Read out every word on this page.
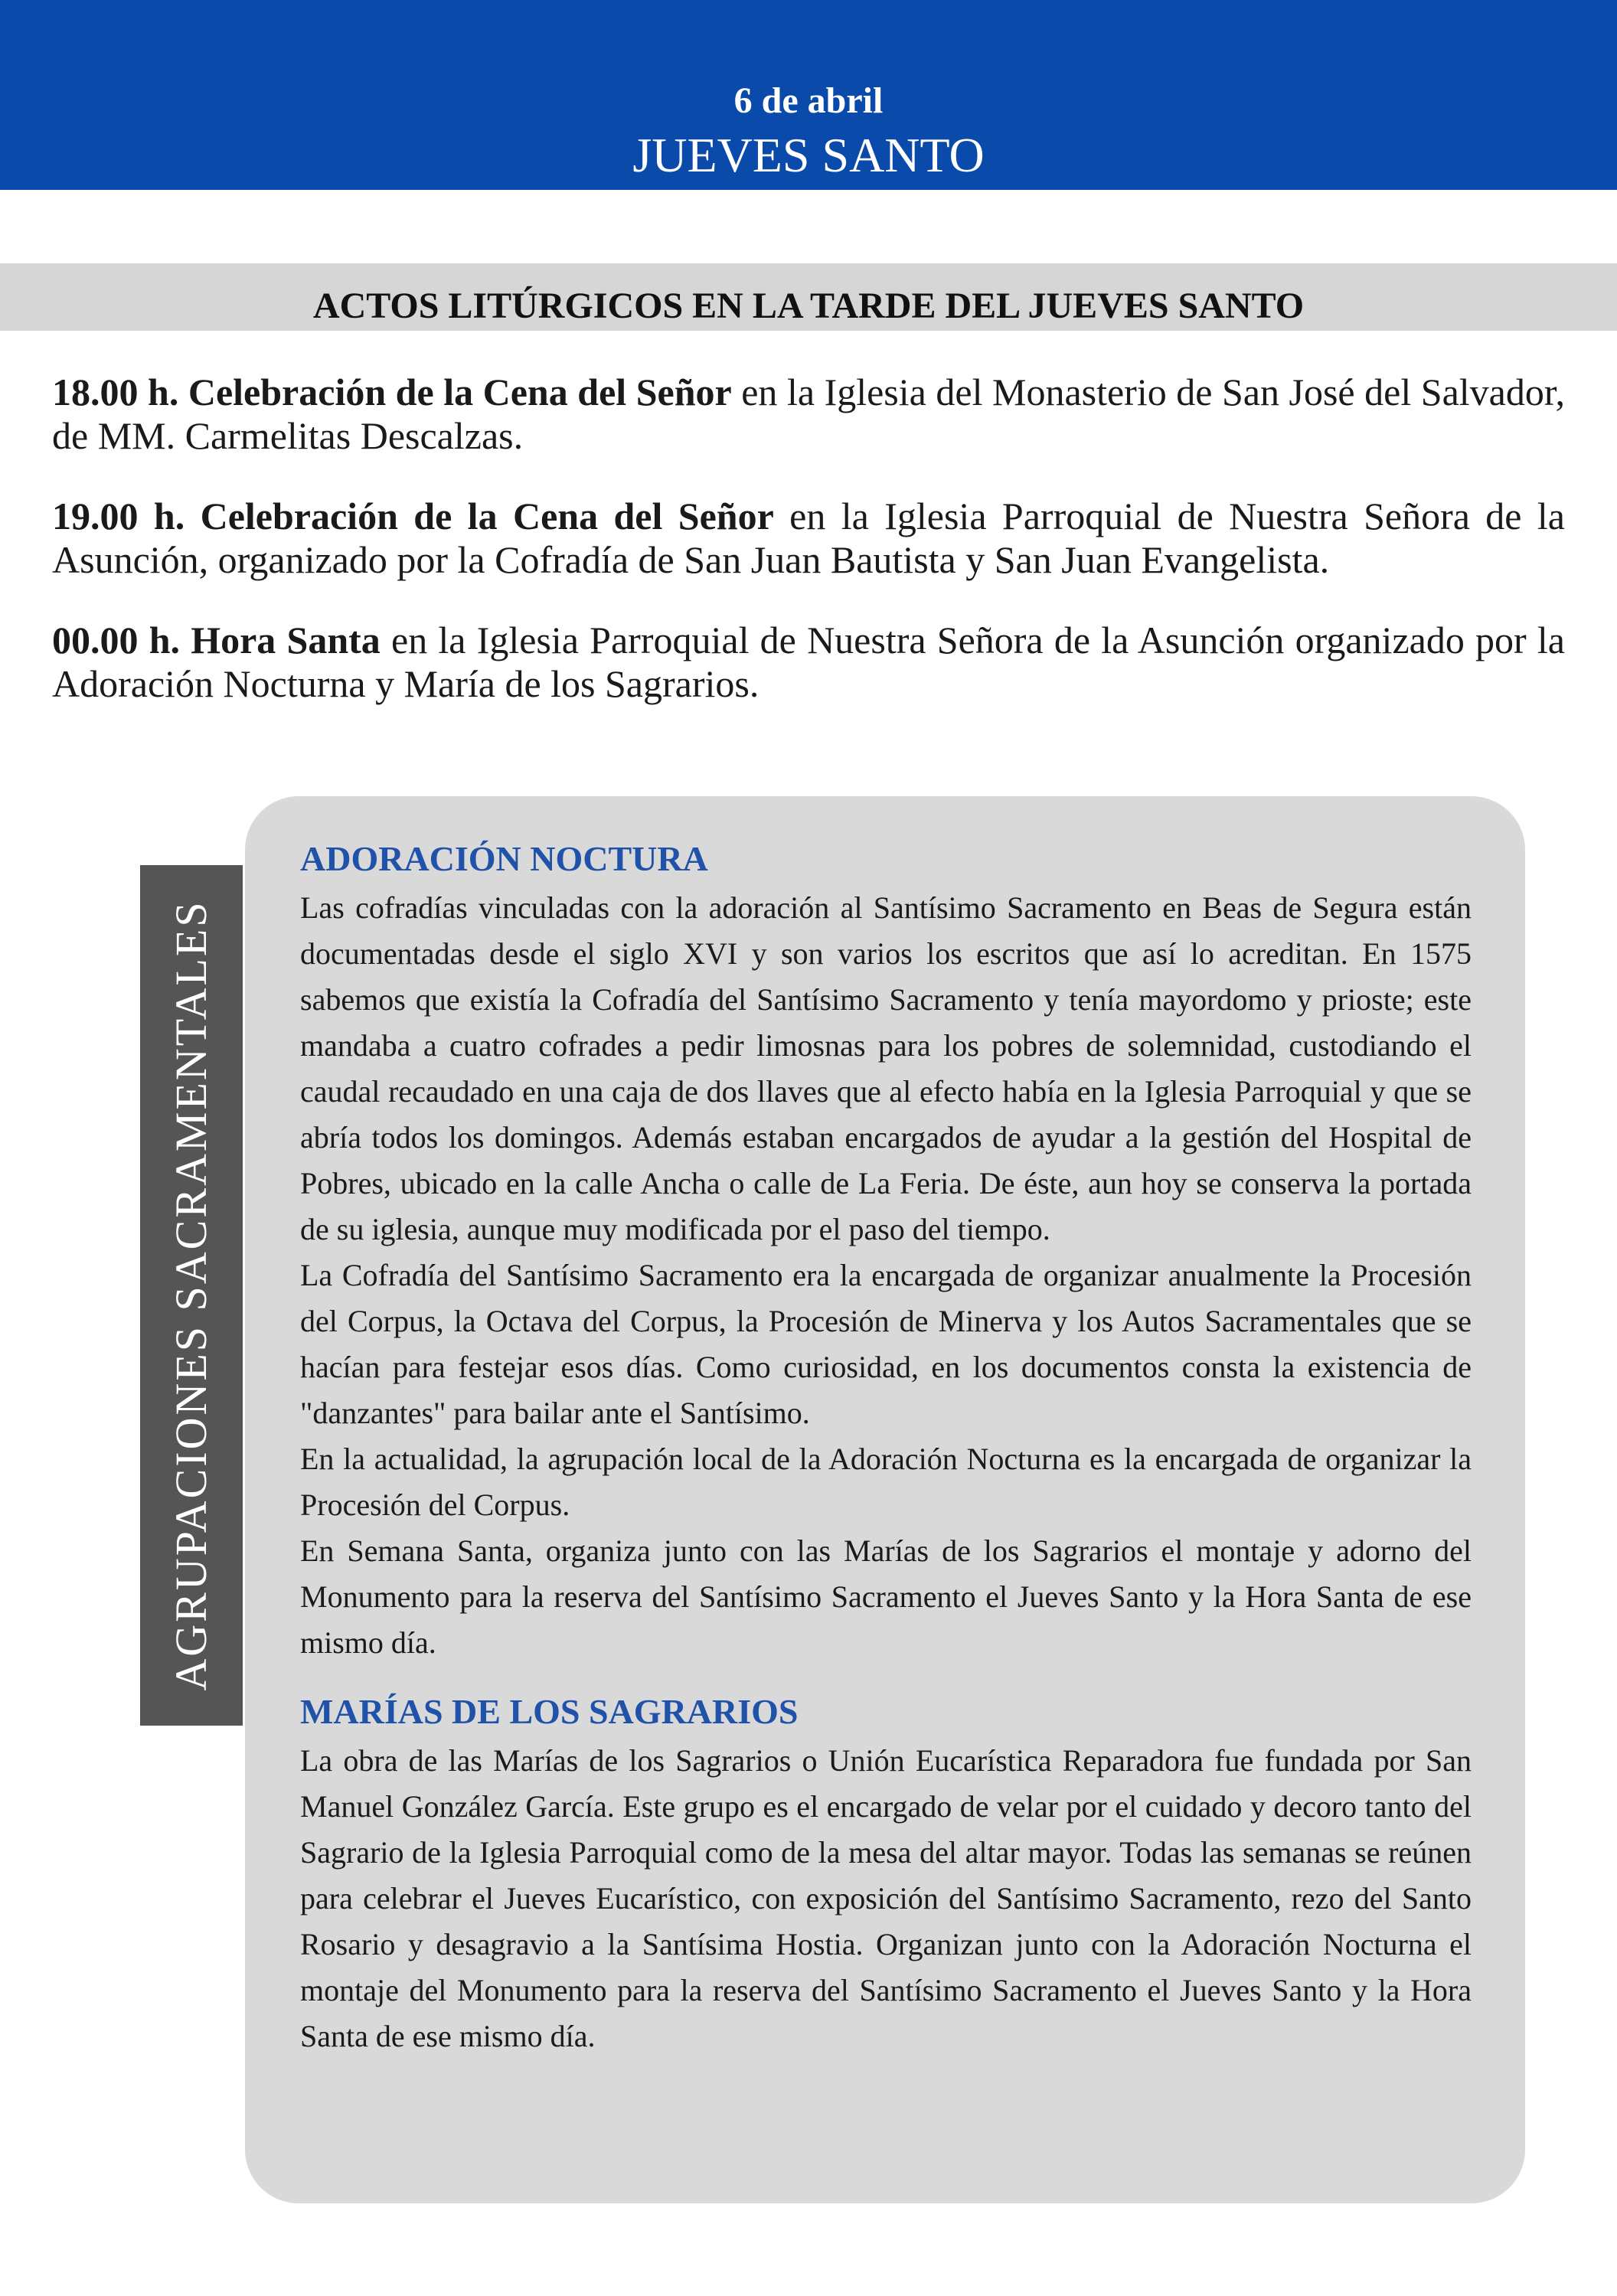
6 de abril
JUEVES SANTO
ACTOS LITÚRGICOS EN LA TARDE DEL JUEVES SANTO

18.00 h. Celebración de la Cena del Señor en la Iglesia del Monasterio de San José del Salvador, de MM. Carmelitas Descalzas.

19.00 h. Celebración de la Cena del Señor en la Iglesia Parroquial de Nuestra Señora de la Asunción, organizado por la Cofradía de San Juan Bautista y San Juan Evangelista.

00.00 h. Hora Santa en la Iglesia Parroquial de Nuestra Señora de la Asunción organizado por la Adoración Nocturna y María de los Sagrarios.

AGRUPACIONES SACRAMENTALES
ADORACIÓN NOCTURA

Las cofradías vinculadas con la adoración al Santísimo Sacramento en Beas de Segura están documentadas desde el siglo XVI y son varios los escritos que así lo acreditan. En 1575 sabemos que existía la Cofradía del Santísimo Sacramento y tenía mayordomo y prioste; este mandaba a cuatro cofrades a pedir limosnas para los pobres de solemnidad, custodiando el caudal recaudado en una caja de dos llaves que al efecto había en la Iglesia Parroquial y que se abría todos los domingos. Además estaban encargados de ayudar a la gestión del Hospital de Pobres, ubicado en la calle Ancha o calle de La Feria. De éste, aun hoy se conserva la portada de su iglesia, aunque muy modificada por el paso del tiempo.

La Cofradía del Santísimo Sacramento era la encargada de organizar anualmente la Procesión del Corpus, la Octava del Corpus, la Procesión de Minerva y los Autos Sacramentales que se hacían para festejar esos días. Como curiosidad, en los documentos consta la existencia de "danzantes" para bailar ante el Santísimo.

En la actualidad, la agrupación local de la Adoración Nocturna es la encargada de organizar la Procesión del Corpus.

En Semana Santa, organiza junto con las Marías de los Sagrarios el montaje y adorno del Monumento para la reserva del Santísimo Sacramento el Jueves Santo y la Hora Santa de ese mismo día.

MARÍAS DE LOS SAGRARIOS

La obra de las Marías de los Sagrarios o Unión Eucarística Reparadora fue fundada por San Manuel González García. Este grupo es el encargado de velar por el cuidado y decoro tanto del Sagrario de la Iglesia Parroquial como de la mesa del altar mayor. Todas las semanas se reúnen para celebrar el Jueves Eucarístico, con exposición del Santísimo Sacramento, rezo del Santo Rosario y desagravio a la Santísima Hostia. Organizan junto con la Adoración Nocturna el montaje del Monumento para la reserva del Santísimo Sacramento el Jueves Santo y la Hora Santa de ese mismo día.
